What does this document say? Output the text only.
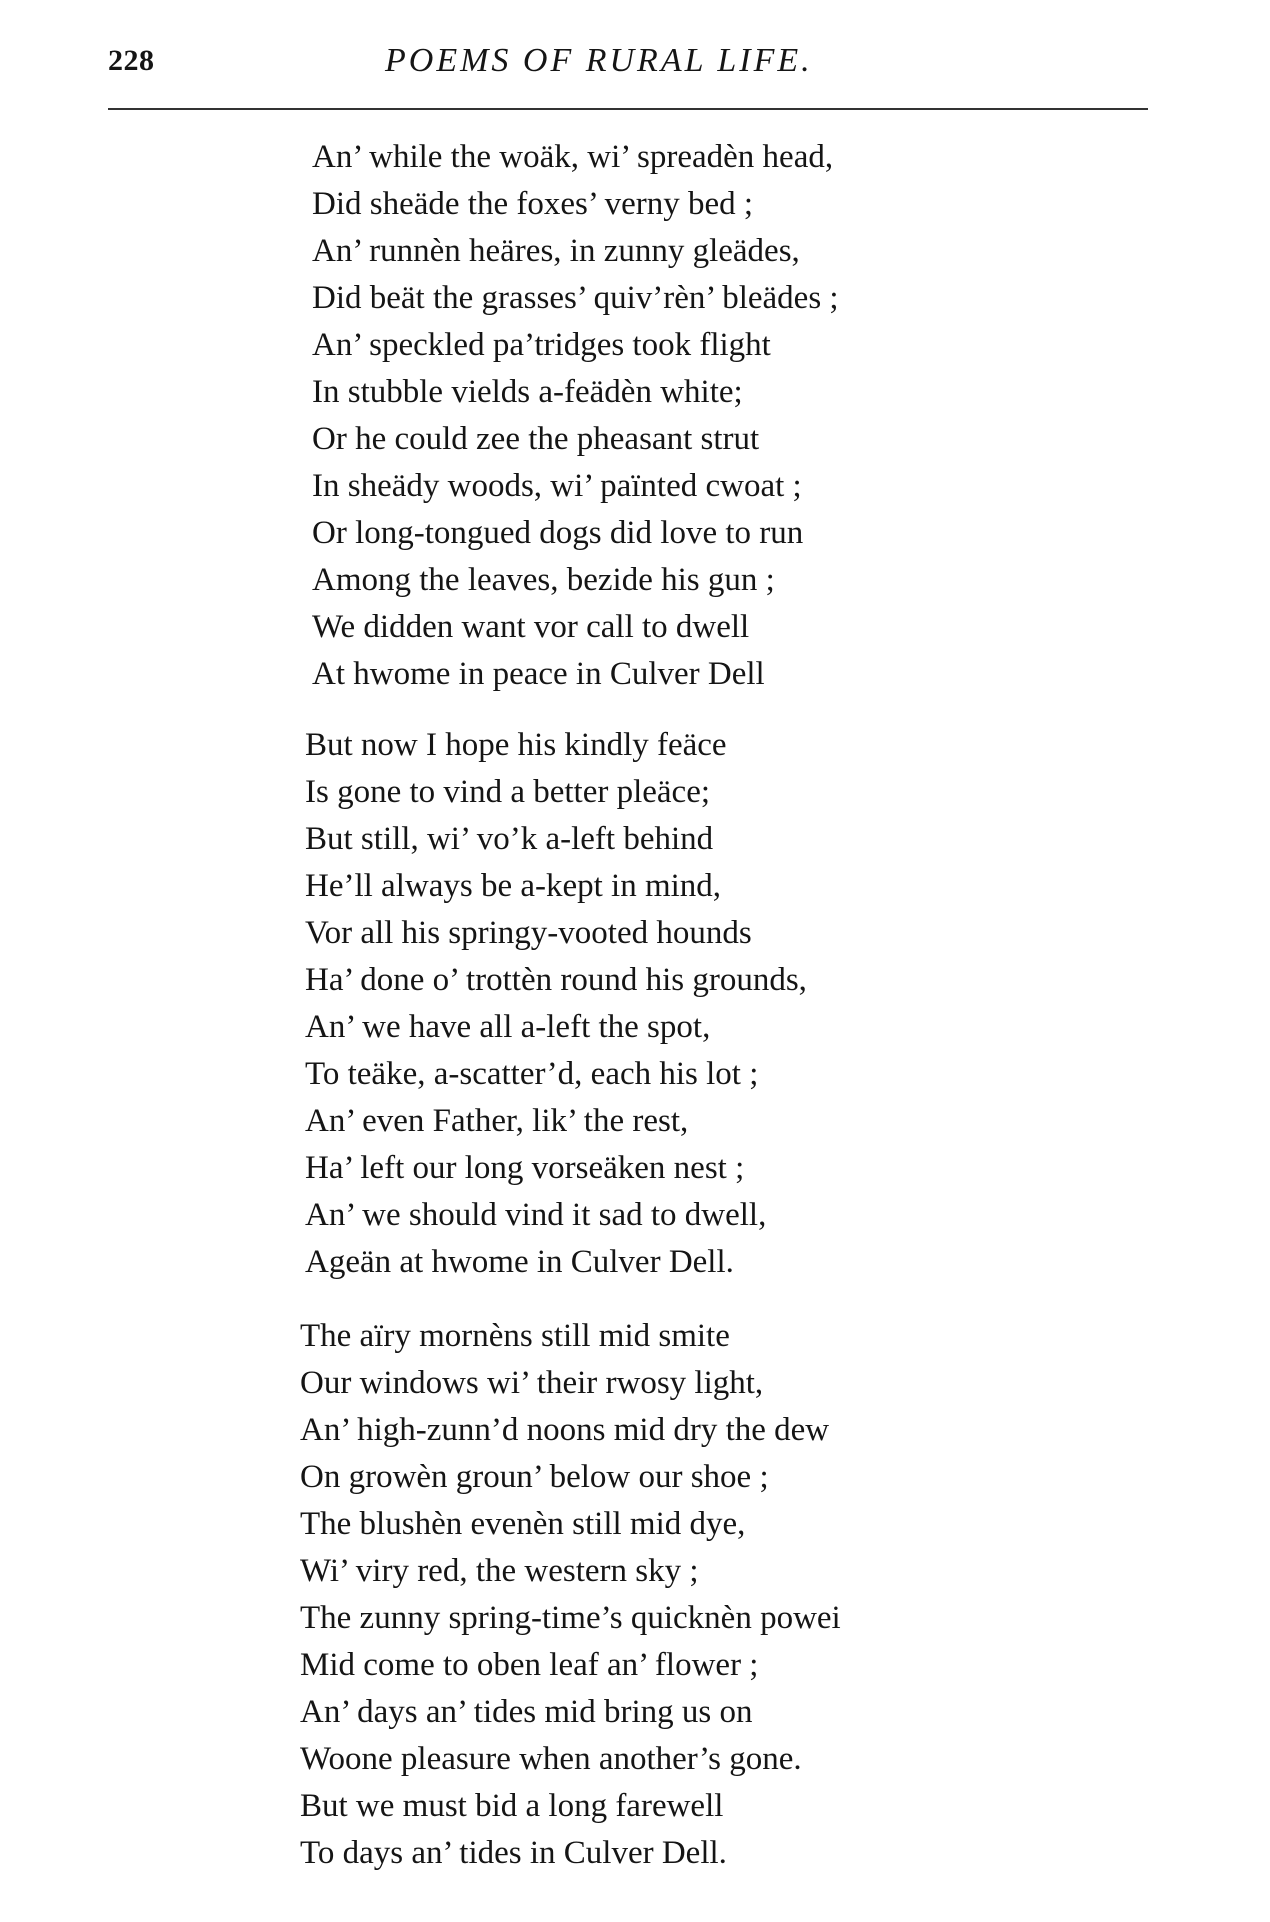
228	POEMS OF RURAL LIFE.
An’ while the woäk, wi’ spreadèn head,
Did sheäde the foxes’ verny bed ;
An’ runnèn heäres, in zunny gleädes,
Did beät the grasses’ quiv’rèn’ bleädes ;
An’ speckled pa’tridges took flight
In stubble vields a-feädèn white;
Or he could zee the pheasant strut
In sheädy woods, wi’ païnted cwoat ;
Or long-tongued dogs did love to run
Among the leaves, bezide his gun ;
We didden want vor call to dwell
At hwome in peace in Culver Dell
But now I hope his kindly feäce
Is gone to vind a better pleäce;
But still, wi’ vo’k a-left behind
He’ll always be a-kept in mind,
Vor all his springy-vooted hounds
Ha’ done o’ trottèn round his grounds,
An’ we have all a-left the spot,
To teäke, a-scatter’d, each his lot ;
An’ even Father, lik’ the rest,
Ha’ left our long vorseäken nest ;
An’ we should vind it sad to dwell,
Ageän at hwome in Culver Dell.
The aïry mornèns still mid smite
Our windows wi’ their rwosy light,
An’ high-zunn’d noons mid dry the dew
On growèn groun’ below our shoe ;
The blushèn evenèn still mid dye,
Wi’ viry red, the western sky ;
The zunny spring-time’s quicknèn powei
Mid come to oben leaf an’ flower ;
An’ days an’ tides mid bring us on
Woone pleasure when another’s gone.
But we must bid a long farewell
To days an’ tides in Culver Dell.
